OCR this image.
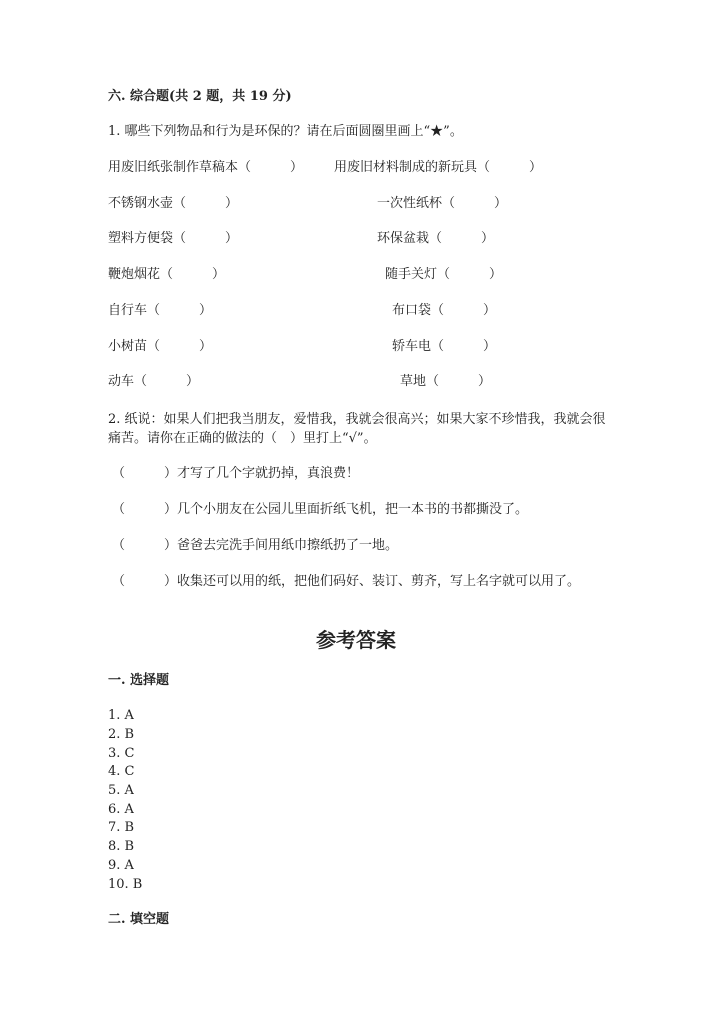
六. 综合题(共 2 题，共 19 分)
1. 哪些下列物品和行为是环保的？请在后面圆圈里画上“★”。
用废旧纸张制作草稿本（　　　） 用废旧材料制成的新玩具（　　　）
不锈钢水壶（　　　）	一次性纸杯（　　　）
塑料方便袋（　　　）	环保盆栽（　　　）
鞭炮烟花（　　　）	随手关灯（　　　）
自行车（　　　）	布口袋（　　　）
小树苗（　　　）	轿车电（　　　）
动车（　　　）	草地（　　　）
2. 纸说：如果人们把我当朋友，爱惜我，我就会很高兴；如果大家不珍惜我，我就会很痛苦。请你在正确的做法的（　）里打上“√”。
（　　　）才写了几个字就扔掉，真浪费！
（　　　）几个小朋友在公园儿里面折纸飞机，把一本书的书都撕没了。
（　　　）爸爸去完洗手间用纸巾擦纸扔了一地。
（　　　）收集还可以用的纸，把他们码好、装订、剪齐，写上名字就可以用了。
参考答案
一. 选择题
1. A
2. B
3. C
4. C
5. A
6. A
7. B
8. B
9. A
10. B
二. 填空题
